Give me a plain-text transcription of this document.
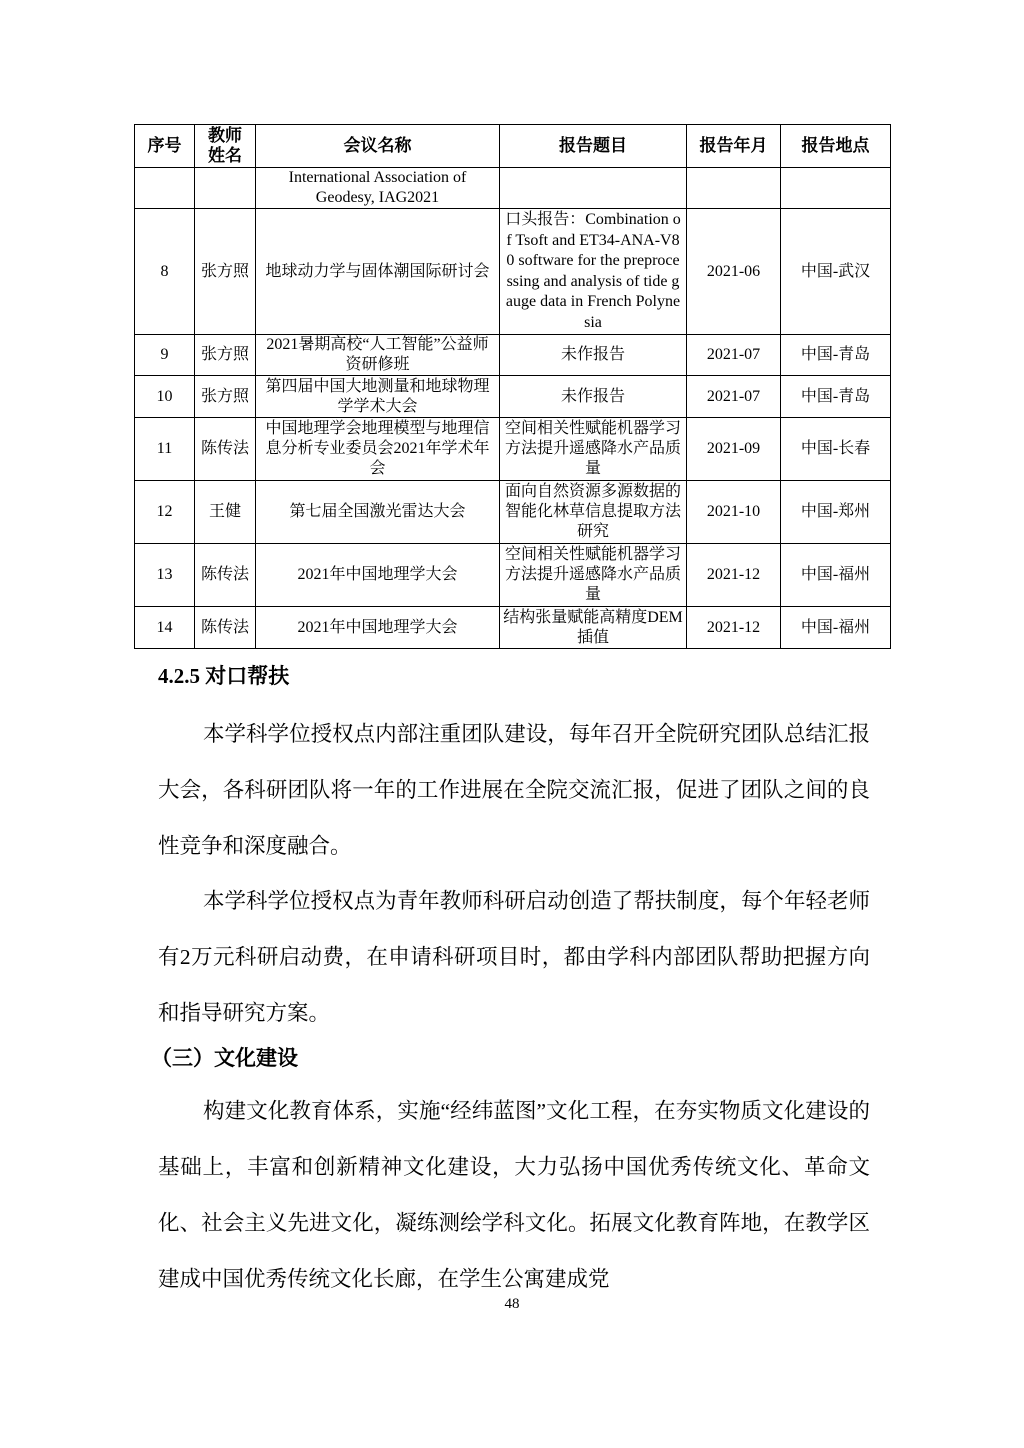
序号	教师姓名	会议名称	报告题目	报告年月	报告地点
		International Association of Geodesy, IAG2021			
8	张方照	地球动力学与固体潮国际研讨会	口头报告：Combination of Tsoft and ET34-ANA-V80 software for the preprocessing and analysis of tide gauge data in French Polynesia	2021-06	中国-武汉
9	张方照	2021暑期高校“人工智能”公益师资研修班	未作报告	2021-07	中国-青岛
10	张方照	第四届中国大地测量和地球物理学学术大会	未作报告	2021-07	中国-青岛
11	陈传法	中国地理学会地理模型与地理信息分析专业委员会2021年学术年会	空间相关性赋能机器学习方法提升遥感降水产品质量	2021-09	中国-长春
12	王健	第七届全国激光雷达大会	面向自然资源多源数据的智能化林草信息提取方法研究	2021-10	中国-郑州
13	陈传法	2021年中国地理学大会	空间相关性赋能机器学习方法提升遥感降水产品质量	2021-12	中国-福州
14	陈传法	2021年中国地理学大会	结构张量赋能高精度DEM插值	2021-12	中国-福州
4.2.5 对口帮扶

本学科学位授权点内部注重团队建设，每年召开全院研究团队总结汇报大会，各科研团队将一年的工作进展在全院交流汇报，促进了团队之间的良性竞争和深度融合。

本学科学位授权点为青年教师科研启动创造了帮扶制度，每个年轻老师有2万元科研启动费，在申请科研项目时，都由学科内部团队帮助把握方向和指导研究方案。

（三）文化建设

构建文化教育体系，实施“经纬蓝图”文化工程，在夯实物质文化建设的基础上，丰富和创新精神文化建设，大力弘扬中国优秀传统文化、革命文化、社会主义先进文化，凝练测绘学科文化。拓展文化教育阵地，在教学区建成中国优秀传统文化长廊，在学生公寓建成党

48
